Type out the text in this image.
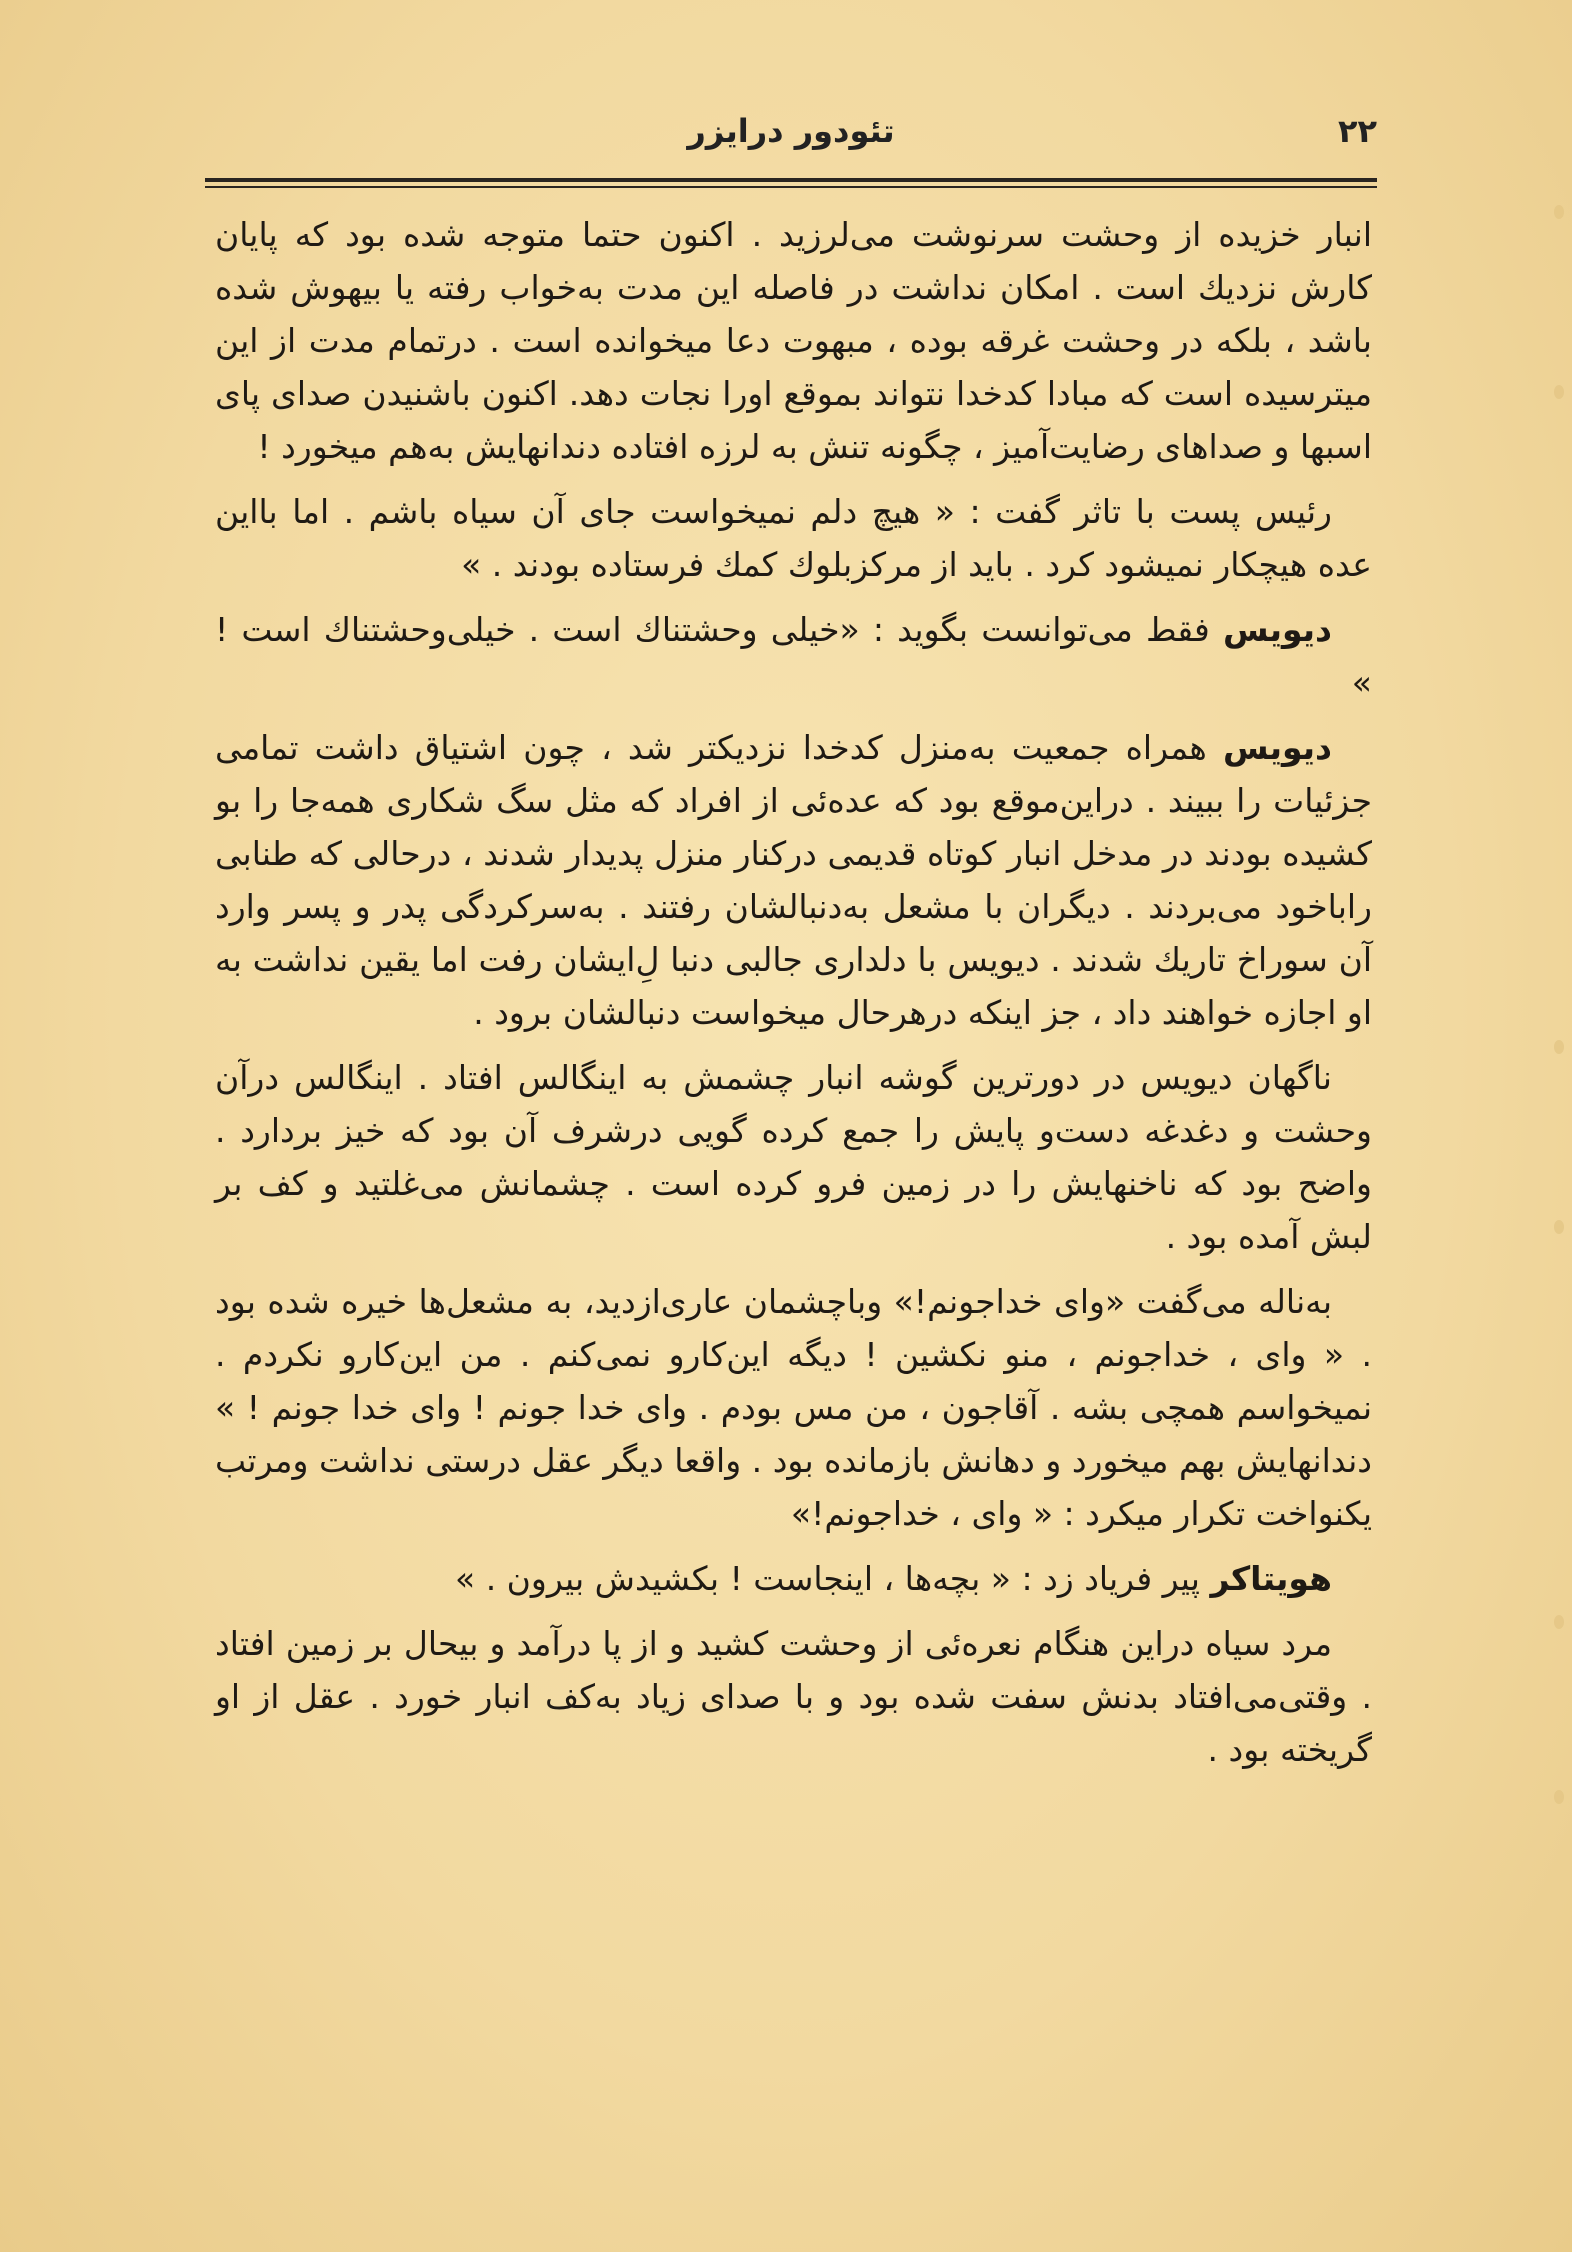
۲۲
تئودور درایزر

انبار خزیده از وحشت سرنوشت می‌لرزید . اکنون حتما متوجه شده بود که پایان کارش نزدیك است . امکان نداشت در فاصله این مدت به‌خواب رفته یا بیهوش شده باشد ، بلکه در وحشت غرقه بوده ، مبهوت دعا میخوانده است . درتمام مدت از این میترسیده است که مبادا کدخدا نتواند بموقع اورا نجات دهد. اکنون باشنیدن صدای پای اسبها و صداهای رضایت‌آمیز ، چگونه تنش به لرزه افتاده دندانهایش به‌هم میخورد !

رئیس پست با تاثر گفت : « هیچ دلم نمیخواست جای آن سیاه باشم . اما بااین عده هیچکار نمیشود کرد . باید از مرکزبلوك کمك فرستاده بودند . »

دیویس فقط می‌توانست بگوید : «خیلی وحشتناك است . خیلی‌وحشتناك است ! »

دیویس همراه جمعیت به‌منزل کدخدا نزدیکتر شد ، چون اشتیاق داشت تمامی جزئیات را ببیند . دراین‌موقع بود که عده‌ئی از افراد که مثل سگ شکاری همه‌جا را بو کشیده بودند در مدخل انبار کوتاه قدیمی درکنار منزل پدیدار شدند ، درحالی که طنابی رابا‌خود می‌بردند . دیگران با مشعل به‌دنبالشان رفتند . به‌سرکردگی پدر و پسر وارد آن سوراخ تاریك شدند . دیویس با دلداری جالبی دنبا لِ‌ایشان رفت اما یقین نداشت به او اجازه خواهند داد ، جز اینکه درهرحال میخواست دنبالشان برود .

ناگهان دیویس در دورترین گوشه انبار چشمش به اینگالس افتاد . اینگالس درآن وحشت و دغدغه دست‌و پایش را جمع کرده گویی درشرف آن بود که خیز بردارد . واضح بود که ناخنهایش را در زمین فرو کرده است . چشمانش می‌غلتید و کف بر لبش آمده بود .

به‌ناله می‌گفت «وای خداجونم!» وباچشمان عاری‌ازدید، به مشعل‌ها خیره شده بود . « وای ، خداجونم ، منو نکشین ! دیگه این‌کارو نمی‌کنم . من این‌کارو نکردم . نمیخواسم همچی بشه . آقاجون ، من مس بودم . وای خدا جونم ! وای خدا جونم ! » دندانهایش بهم میخورد و دهانش بازمانده بود . واقعا دیگر عقل درستی نداشت ومرتب یکنواخت تکرار میکرد : « وای ، خداجونم!»

هویتاکر پیر فریاد زد : « بچه‌ها ، اینجاست ! بکشیدش بیرون . »

مرد سیاه دراین هنگام نعره‌ئی از وحشت کشید و از پا درآمد و بیحال بر زمین افتاد . وقتی‌می‌افتاد بدنش سفت شده بود و با صدای زیاد به‌کف انبار خورد . عقل از او گریخته بود .
